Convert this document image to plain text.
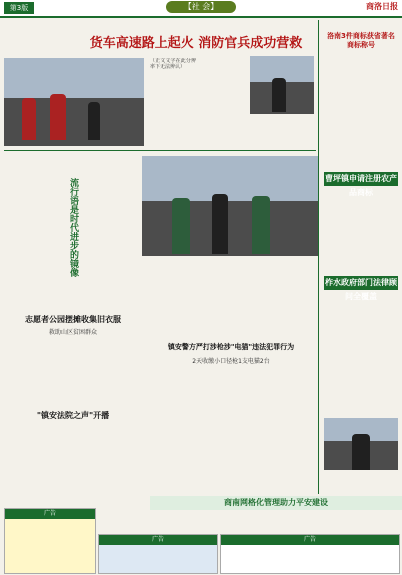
第3版	【社 会】	商洛日报
货车高速路上起火 消防官兵成功营救

（正文文字在此分辨率下无法辨认）

洛南3件商标获省著名商标称号
曹坪镇申请注册农产品商标
柞水政府部门法律顾问全覆盖
流行语是时代进步的镜像
志愿者公园摆摊收集旧衣服
救助山区贫困群众
镇安警方严打涉枪涉"电猫"违法犯罪行为
2天收缴小口径枪1支电猫2台
"镇安法院之声"开播
商南网格化管理助力平安建设
广告
广告	广告
